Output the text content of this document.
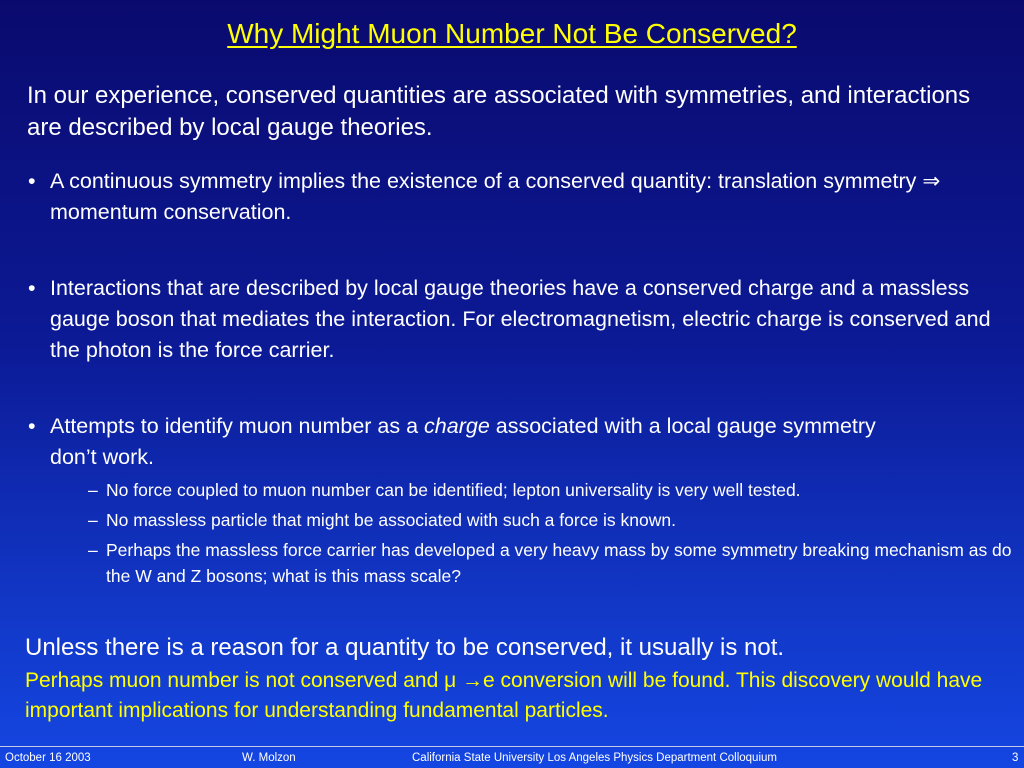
Why Might Muon Number Not Be Conserved?
In our experience, conserved quantities are associated with symmetries, and interactions are described by local gauge theories.
• A continuous symmetry implies the existence of a conserved quantity: translation symmetry ⇒ momentum conservation.
• Interactions that are described by local gauge theories have a conserved charge and a massless gauge boson that mediates the interaction. For electromagnetism, electric charge is conserved and the photon is the force carrier.
• Attempts to identify muon number as a charge associated with a local gauge symmetry don’t work.
– No force coupled to muon number can be identified; lepton universality is very well tested.
– No massless particle that might be associated with such a force is known.
– Perhaps the massless force carrier has developed a very heavy mass by some symmetry breaking mechanism as do the W and Z bosons; what is this mass scale?
Unless there is a reason for a quantity to be conserved, it usually is not.
Perhaps muon number is not conserved and μ →e conversion will be found. This discovery would have important implications for understanding fundamental particles.
October 16 2003	W. Molzon	California State University Los Angeles Physics Department Colloquium	3
